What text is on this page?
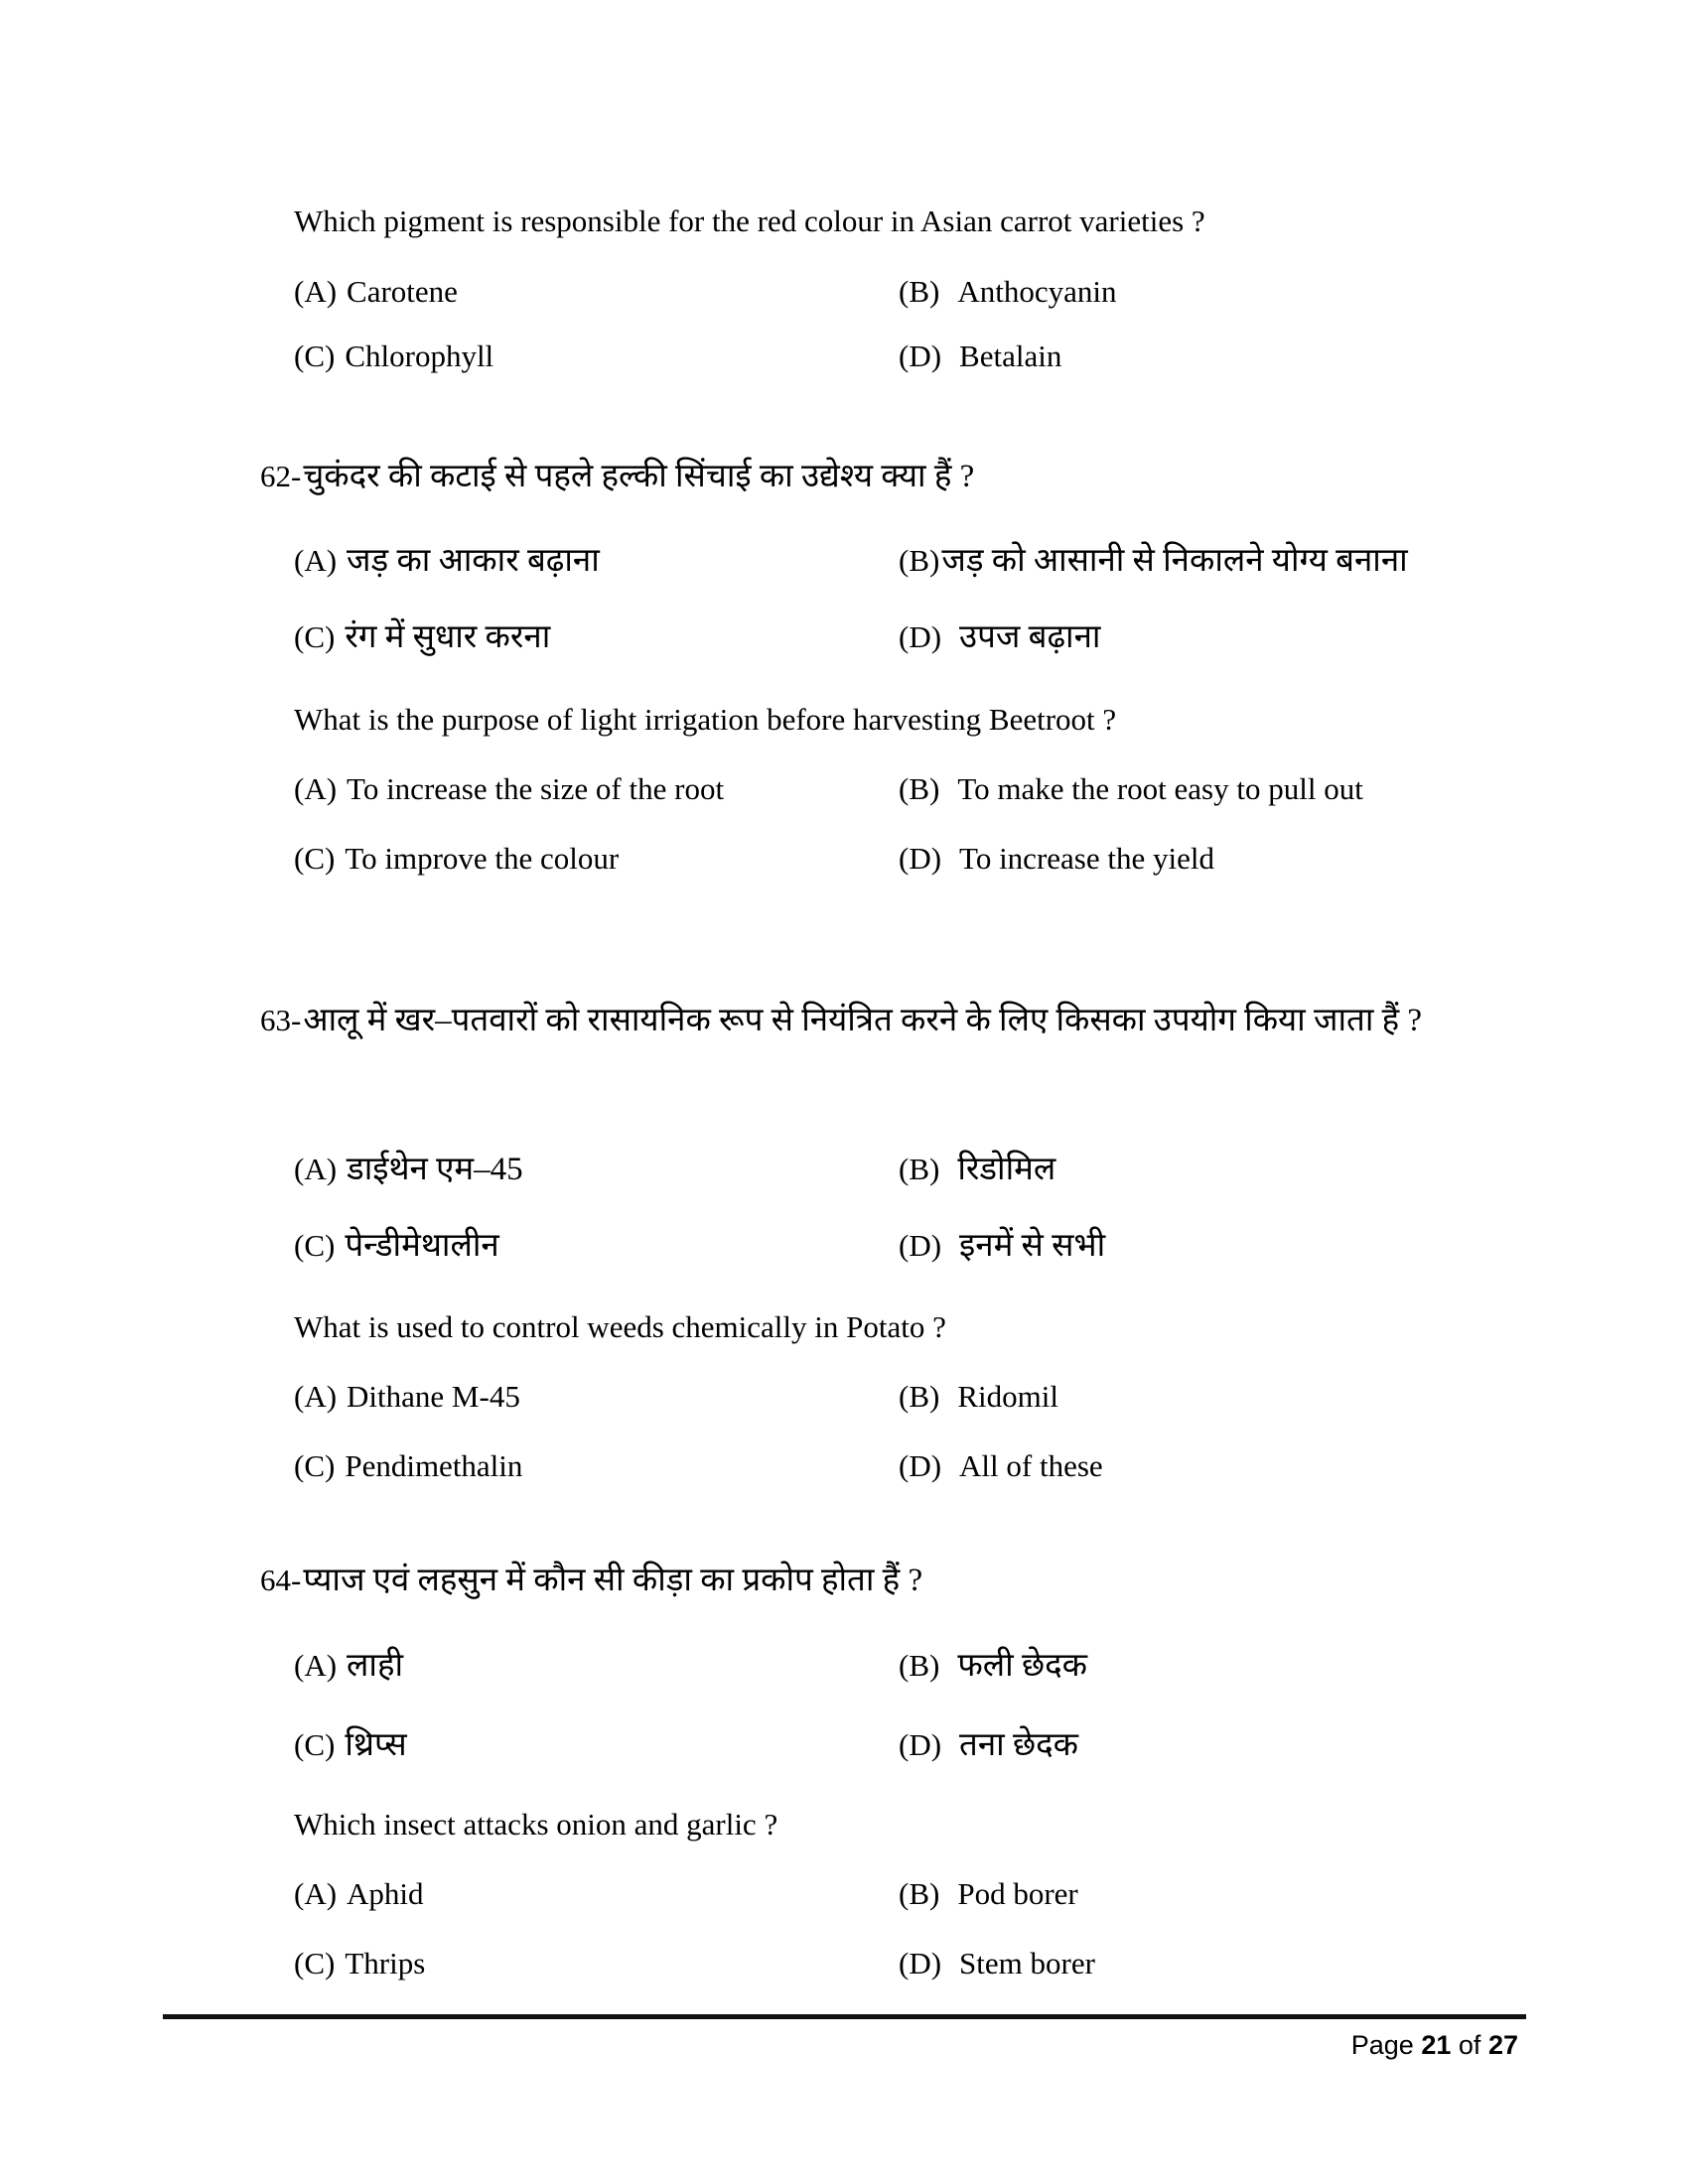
Which pigment is responsible for the red colour in Asian carrot varieties ?
(A) Carotene	(B) Anthocyanin
(C) Chlorophyll	(D) Betalain
62- चुकंदर की कटाई से पहले हल्की सिंचाई का उद्येश्य क्या हैं ?
(A) जड़ का आकार बढ़ाना	(B)जड़ को आसानी से निकालने योग्य बनाना
(C) रंग में सुधार करना	(D) उपज बढ़ाना
What is the purpose of light irrigation before harvesting Beetroot ?
(A) To increase the size of the root	(B) To make the root easy to pull out
(C) To improve the colour	(D) To increase the yield
63- आलू में खर–पतवारों को रासायनिक रूप से नियंत्रित करने के लिए किसका उपयोग किया जाता हैं ?
(A) डाईथेन एम–45	(B) रिडोमिल
(C) पेन्डीमेथालीन	(D) इनमें से सभी
What is used to control weeds chemically in Potato ?
(A) Dithane M-45	(B) Ridomil
(C) Pendimethalin	(D) All of these
64- प्याज एवं लहसुन में कौन सी कीड़ा का प्रकोप होता हैं ?
(A) लाही	(B) फली छेदक
(C) थ्रिप्स	(D) तना छेदक
Which insect attacks onion and garlic ?
(A) Aphid	(B) Pod borer
(C) Thrips	(D) Stem borer
Page 21 of 27
